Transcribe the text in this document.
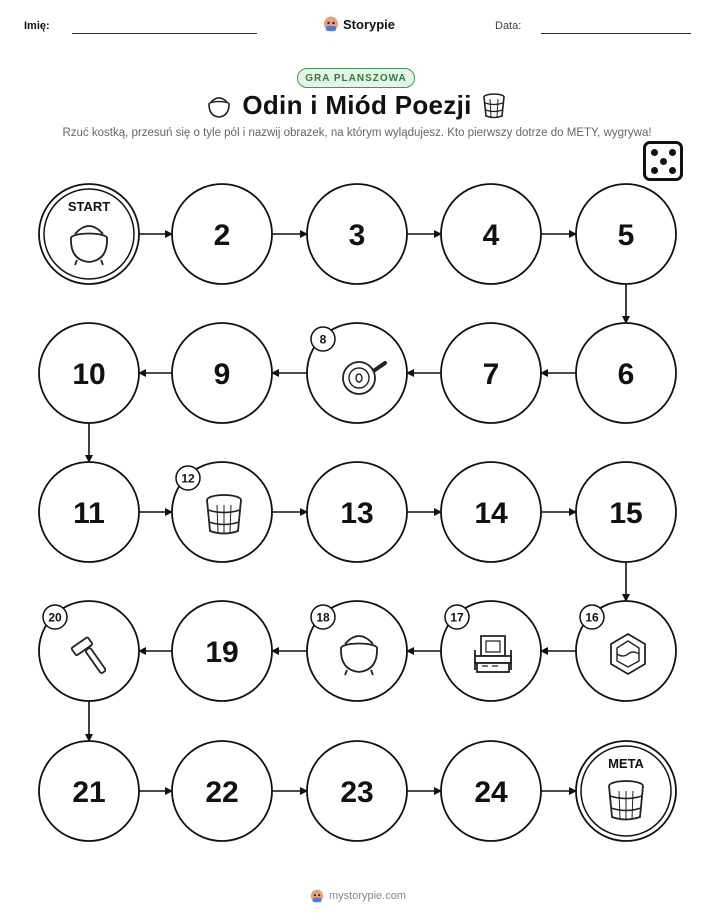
Imię:	Storypie	Data:
GRA PLANSZOWA
Odin i Miód Poezji
Rzuć kostką, przesuń się o tyle pól i nazwij obrazek, na którym wylądujesz. Kto pierwszy dotrze do METY, wygrywa!
START
2	3	4	5
6
7
8
9
10
11
12
13	14	15
16
17
18
19
20
21	22	23	24
META
mystorypie.com
